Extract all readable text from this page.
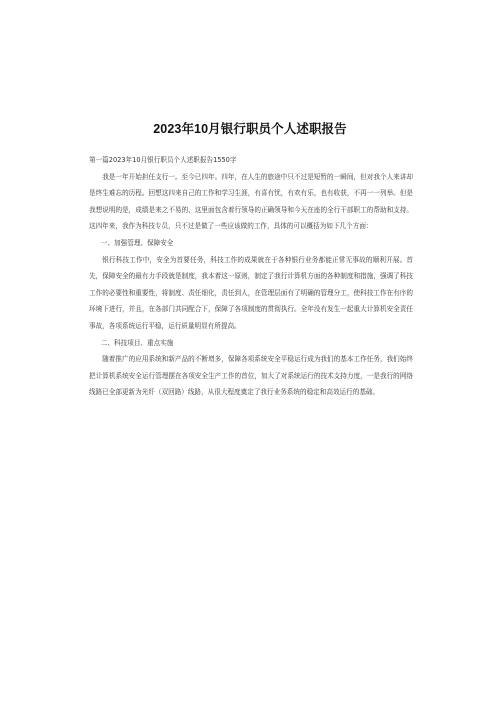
2023年10月银行职员个人述职报告

第一篇2023年10月银行职员个人述职报告1550字

我是一年开始担任支行一。至今已四年。四年，在人生的旅途中只不过是短暂的一瞬间，但对我个人来讲却是终生难忘的历程。回想这四来自己的工作和学习生涯，有喜有忧，有欢有乐，也有收获，不再一一列举。但是我想说明的是，成绩是来之不易的，这里面包含着行领导的正确领导和今天在座的全行干部职工的帮助和支持。这四年来，我作为科技专员，只不过是做了一些应该做的工作，具体的可以概括为如下几个方面：

一、加强管理、保障安全

银行科技工作中，安全为首要任务，科技工作的成果就在于各种银行业务都能正常无事故的顺利开展。首先，保障安全的最有力手段就是制度，我本着这一原则，制定了我行计算机方面的各种制度和措施，强调了科技工作的必要性和重要性，将制度、责任细化，责任到人，在管理层面有了明确的管理分工，使科技工作在有序的环境下进行，并且，在各部门共同配合下，保障了各项制度的贯彻执行。全年没有发生一起重大计算机安全责任事故，各项系统运行平稳，运行质量明显有所提高。

二、科技项目、重点实施

随着推广的应用系统和新产品的不断增多，保障各项系统安全平稳运行成为我们的基本工作任务，我们始终把计算机系统安全运行管理摆在各项安全生产工作的首位，加大了对系统运行的技术支持力度，一是我行的网络线路已全部更新为光纤（双回路）线路，从很大程度奠定了我行业务系统的稳定和高效运行的基础。
